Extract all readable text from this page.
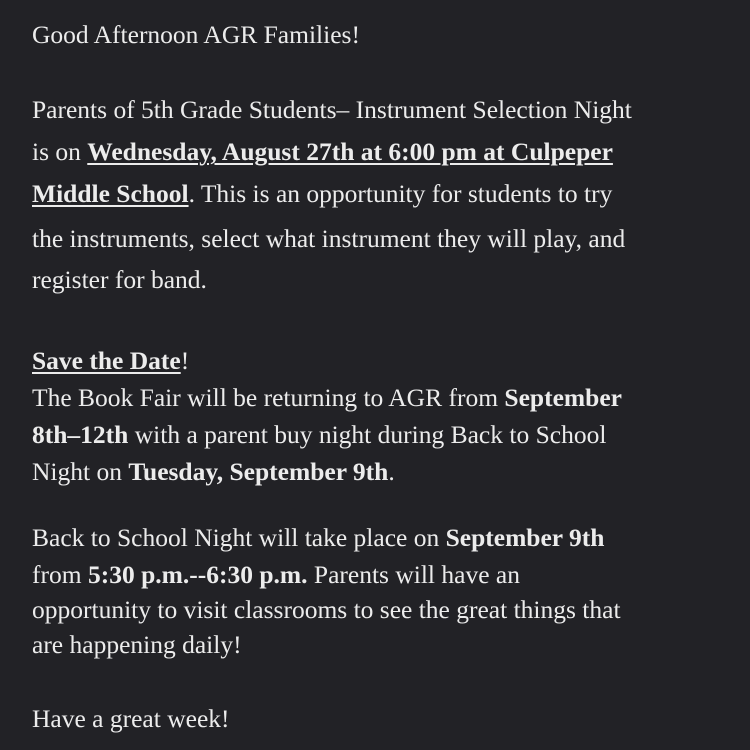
Good Afternoon AGR Families!
Parents of 5th Grade Students– Instrument Selection Night
is on Wednesday, August 27th at 6:00 pm at Culpeper
Middle School. This is an opportunity for students to try
the instruments, select what instrument they will play, and
register for band.
Save the Date!
The Book Fair will be returning to AGR from September
8th–12th with a parent buy night during Back to School
Night on Tuesday, September 9th.
Back to School Night will take place on September 9th
from 5:30 p.m.--6:30 p.m. Parents will have an
opportunity to visit classrooms to see the great things that
are happening daily!
Have a great week!
